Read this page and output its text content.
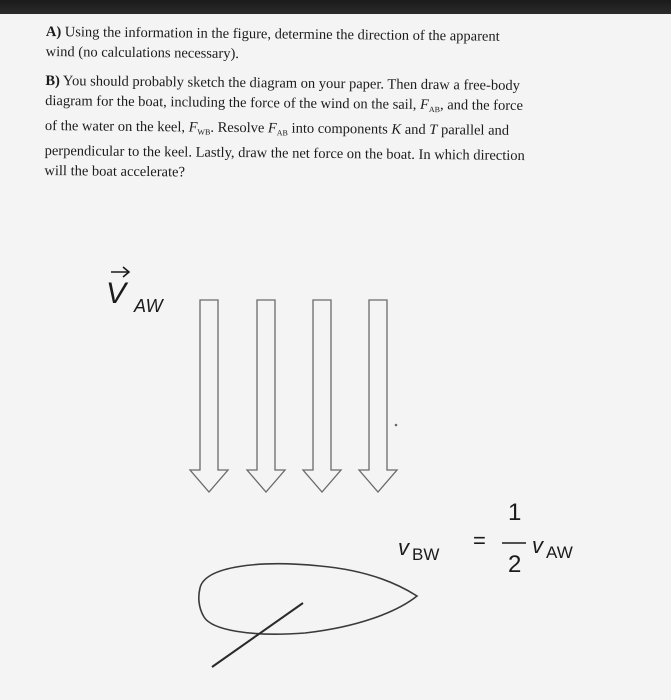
A) Using the information in the figure, determine the direction of the apparent
wind (no calculations necessary).
B) You should probably sketch the diagram on your paper. Then draw a free-body
diagram for the boat, including the force of the wind on the sail, $F_{AB}$, and the force
of the water on the keel, $F_{WB}$. Resolve $F_{AB}$ into components K and T parallel and
perpendicular to the keel. Lastly, draw the net force on the boat. In which direction
will the boat accelerate?
V AW
v BW
=
1
2
v AW
